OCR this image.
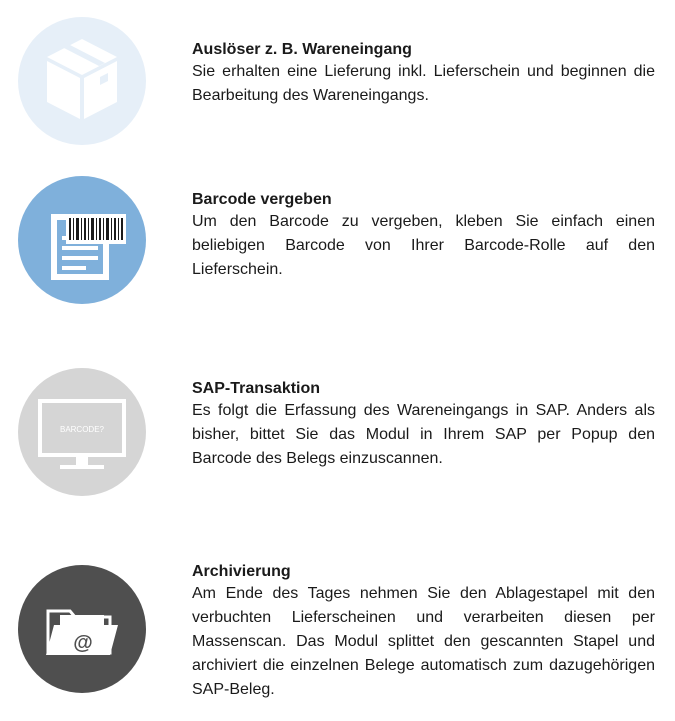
Auslöser z. B. Wareneingang

Sie erhalten eine Lieferung inkl. Lieferschein und beginnen die Bearbeitung des Wareneingangs.

Barcode vergeben

Um den Barcode zu vergeben, kleben Sie einfach einen beliebigen Barcode von Ihrer Barcode-Rolle auf den Lieferschein.

BARCODE?

SAP-Transaktion

Es folgt die Erfassung des Wareneingangs in SAP. Anders als bisher, bittet Sie das Modul in Ihrem SAP per Popup den Barcode des Belegs einzuscannen.

@

Archivierung

Am Ende des Tages nehmen Sie den Ablagestapel mit den verbuchten Lieferscheinen und verarbeiten diesen per Massenscan. Das Modul splittet den gescannten Stapel und archiviert die einzelnen Belege automatisch zum dazugehörigen SAP-Beleg.
